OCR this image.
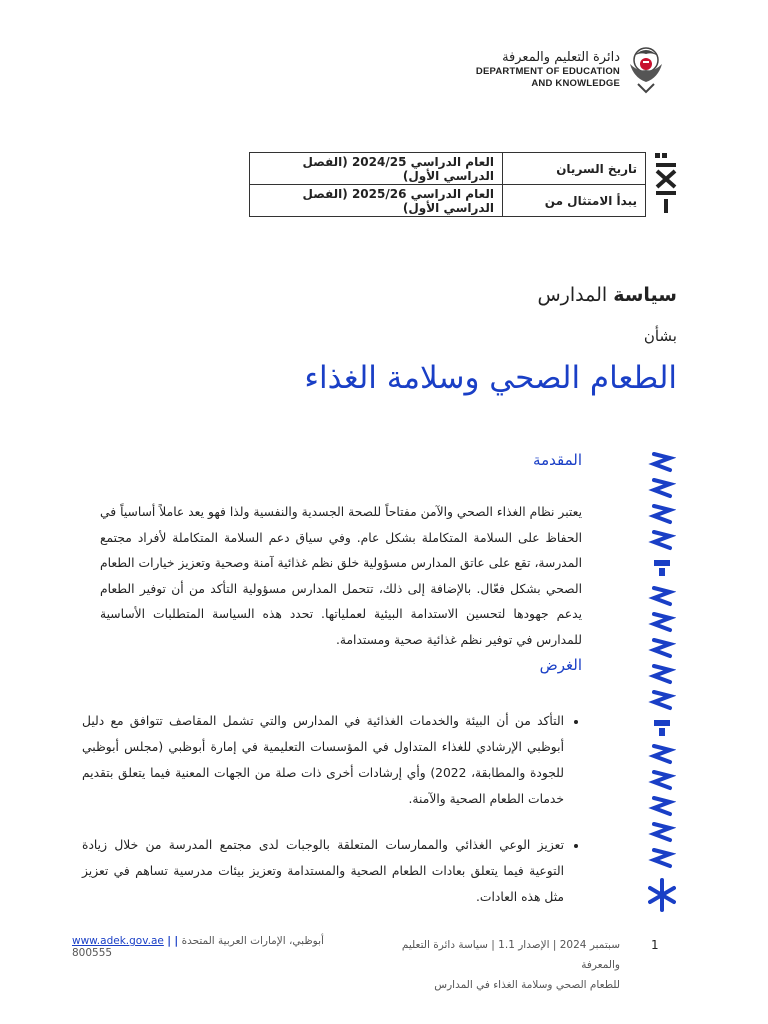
دائرة التعليم والمعرفة
DEPARTMENT OF EDUCATION
AND KNOWLEDGE
تاريخ السريان	العام الدراسي 2024/25 (الفصل الدراسي الأول)
يبدأ الامتثال من	العام الدراسي 2025/26 (الفصل الدراسي الأول)
سياسة المدارس
بشأن
الطعام الصحي وسلامة الغذاء
المقدمة
يعتبر نظام الغذاء الصحي والآمن مفتاحاً للصحة الجسدية والنفسية ولذا فهو يعد عاملاً أساسياً في الحفاظ على السلامة المتكاملة بشكل عام. وفي سياق دعم السلامة المتكاملة لأفراد مجتمع المدرسة، تقع على عاتق المدارس مسؤولية خلق نظم غذائية آمنة وصحية وتعزيز خيارات الطعام الصحي بشكل فعّال. بالإضافة إلى ذلك، تتحمل المدارس مسؤولية التأكد من أن توفير الطعام يدعم جهودها لتحسين الاستدامة البيئية لعملياتها. تحدد هذه السياسة المتطلبات الأساسية للمدارس في توفير نظم غذائية صحية ومستدامة.
الغرض
• التأكد من أن البيئة والخدمات الغذائية في المدارس والتي تشمل المقاصف تتوافق مع دليل أبوظبي الإرشادي للغذاء المتداول في المؤسسات التعليمية في إمارة أبوظبي (مجلس أبوظبي للجودة والمطابقة، 2022) وأي إرشادات أخرى ذات صلة من الجهات المعنية فيما يتعلق بتقديم خدمات الطعام الصحية والآمنة.
• تعزيز الوعي الغذائي والممارسات المتعلقة بالوجبات لدى مجتمع المدرسة من خلال زيادة التوعية فيما يتعلق بعادات الطعام الصحية والمستدامة وتعزيز بيئات مدرسية تساهم في تعزيز مثل هذه العادات.
أبوظبي، الإمارات العربية المتحدة | www.adek.gov.ae | 800555
سبتمبر 2024 | الإصدار 1.1 | سياسة دائرة التعليم والمعرفة
للطعام الصحي وسلامة الغذاء في المدارس
1
